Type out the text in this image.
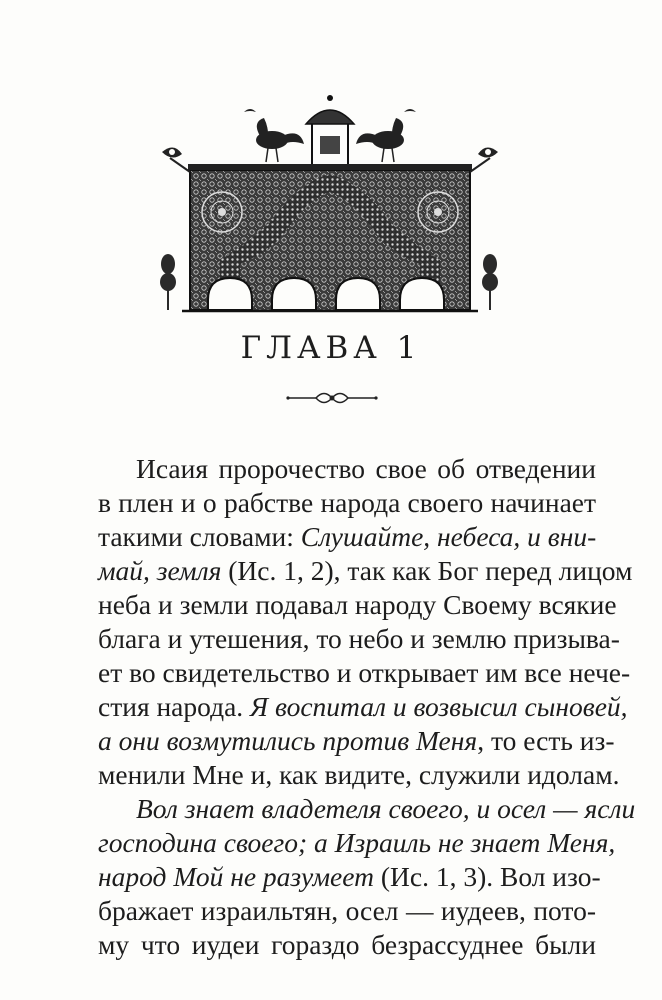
ГЛАВА 1
Исаия пророчество свое об отведении
в плен и о рабстве народа своего начинает
такими словами: Слушайте, небеса, и вни-
май, земля (Ис. 1, 2), так как Бог перед лицом
неба и земли подавал народу Своему всякие
блага и утешения, то небо и землю призыва-
ет во свидетельство и открывает им все нече-
стия народа. Я воспитал и возвысил сыновей,
а они возмутились против Меня, то есть из-
менили Мне и, как видите, служили идолам.
Вол знает владетеля своего, и осел — ясли
господина своего; а Израиль не знает Меня,
народ Мой не разумеет (Ис. 1, 3). Вол изо-
бражает израильтян, осел — иудеев, пото-
му что иудеи гораздо безрассуднее были
